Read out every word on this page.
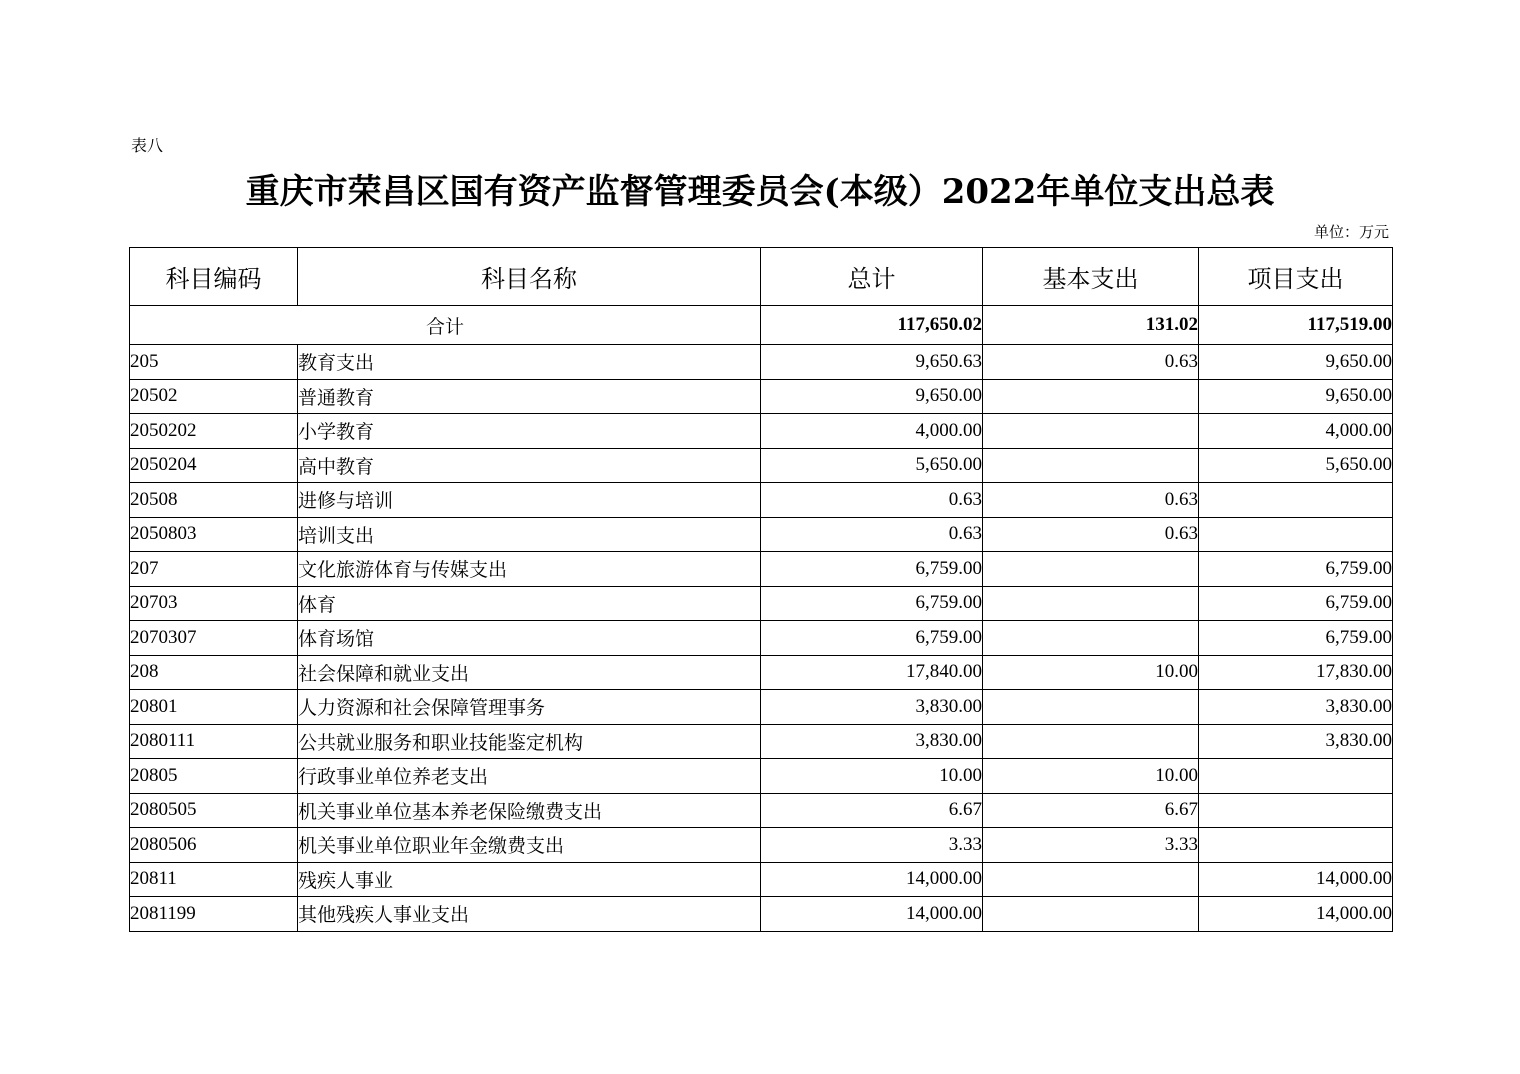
表八
重庆市荣昌区国有资产监督管理委员会(本级）2022年单位支出总表
单位：万元
科目编码	科目名称	总计	基本支出	项目支出
合计		117,650.02	131.02	117,519.00
205	教育支出	9,650.63	0.63	9,650.00
20502	普通教育	9,650.00		9,650.00
2050202	小学教育	4,000.00		4,000.00
2050204	高中教育	5,650.00		5,650.00
20508	进修与培训	0.63	0.63	
2050803	培训支出	0.63	0.63	
207	文化旅游体育与传媒支出	6,759.00		6,759.00
20703	体育	6,759.00		6,759.00
2070307	体育场馆	6,759.00		6,759.00
208	社会保障和就业支出	17,840.00	10.00	17,830.00
20801	人力资源和社会保障管理事务	3,830.00		3,830.00
2080111	公共就业服务和职业技能鉴定机构	3,830.00		3,830.00
20805	行政事业单位养老支出	10.00	10.00	
2080505	机关事业单位基本养老保险缴费支出	6.67	6.67	
2080506	机关事业单位职业年金缴费支出	3.33	3.33	
20811	残疾人事业	14,000.00		14,000.00
2081199	其他残疾人事业支出	14,000.00		14,000.00
